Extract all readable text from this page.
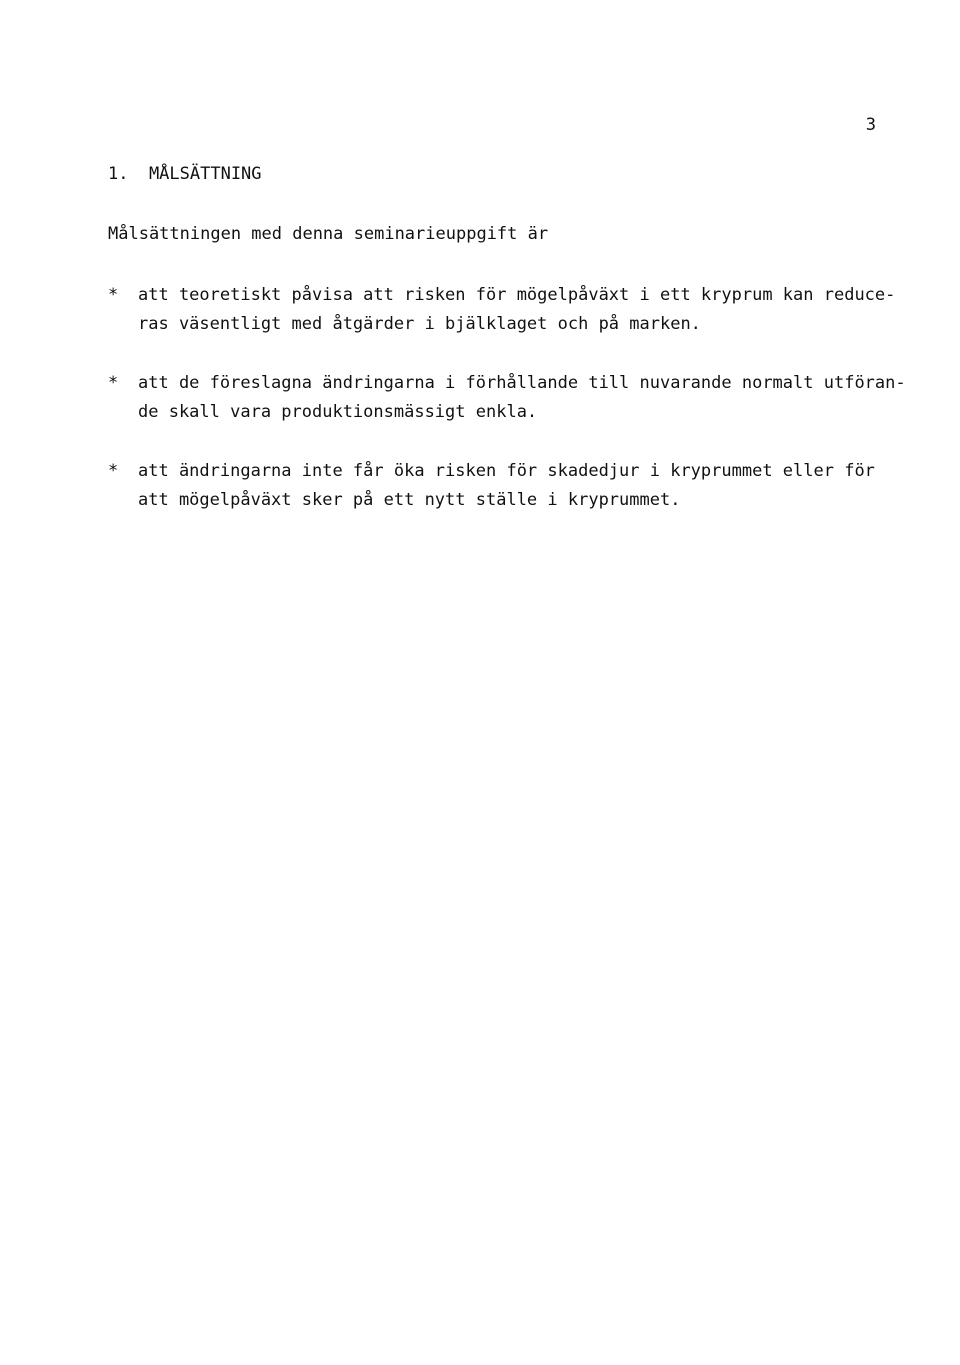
3
1.  MÅLSÄTTNING
Målsättningen med denna seminarieuppgift är
* att teoretiskt påvisa att risken för mögelpåväxt i ett kryprum kan reduce-
ras väsentligt med åtgärder i bjälklaget och på marken.
* att de föreslagna ändringarna i förhållande till nuvarande normalt utföran-
de skall vara produktionsmässigt enkla.
* att ändringarna inte får öka risken för skadedjur i kryprummet eller för
att mögelpåväxt sker på ett nytt ställe i kryprummet.
